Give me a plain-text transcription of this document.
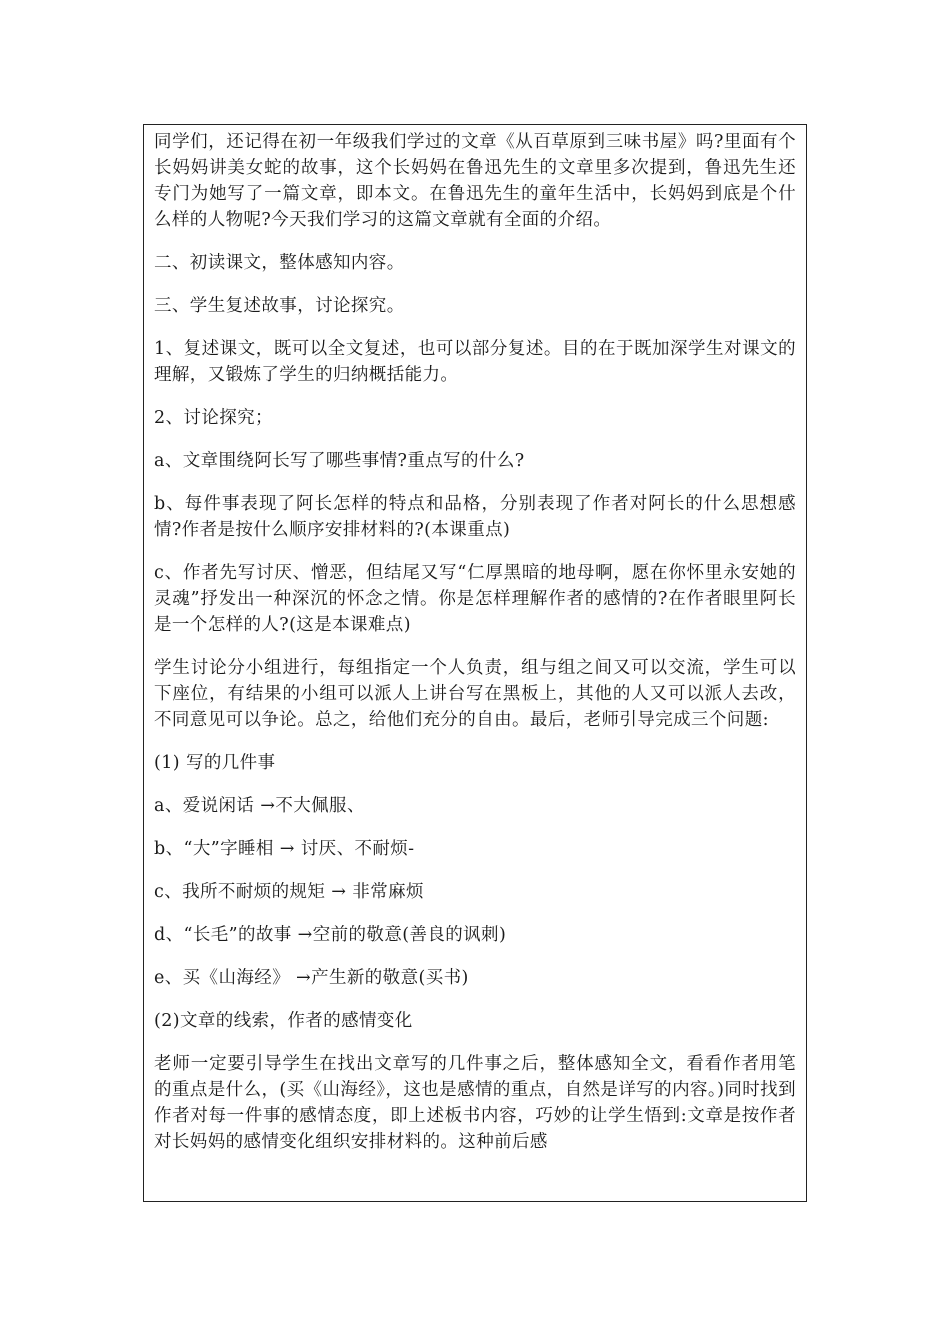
同学们，还记得在初一年级我们学过的文章《从百草原到三味书屋》吗?里面有个长妈妈讲美女蛇的故事，这个长妈妈在鲁迅先生的文章里多次提到，鲁迅先生还专门为她写了一篇文章，即本文。在鲁迅先生的童年生活中，长妈妈到底是个什么样的人物呢?今天我们学习的这篇文章就有全面的介绍。

二、初读课文，整体感知内容。

三、学生复述故事，讨论探究。

1、复述课文，既可以全文复述，也可以部分复述。目的在于既加深学生对课文的理解，又锻炼了学生的归纳概括能力。

2、讨论探究；

a、文章围绕阿长写了哪些事情?重点写的什么?

b、每件事表现了阿长怎样的特点和品格，分别表现了作者对阿长的什么思想感情?作者是按什么顺序安排材料的?(本课重点)

c、作者先写讨厌、憎恶，但结尾又写“仁厚黑暗的地母啊，愿在你怀里永安她的灵魂”抒发出一种深沉的怀念之情。你是怎样理解作者的感情的?在作者眼里阿长是一个怎样的人?(这是本课难点)

学生讨论分小组进行，每组指定一个人负责，组与组之间又可以交流，学生可以下座位，有结果的小组可以派人上讲台写在黑板上，其他的人又可以派人去改，不同意见可以争论。总之，给他们充分的自由。最后，老师引导完成三个问题:

(1) 写的几件事

a、爱说闲话 →不大佩服、

b、“大”字睡相 → 讨厌、不耐烦-

c、我所不耐烦的规矩 → 非常麻烦

d、“长毛”的故事 →空前的敬意(善良的讽刺)

e、买《山海经》 →产生新的敬意(买书)

(2)文章的线索，作者的感情变化

老师一定要引导学生在找出文章写的几件事之后，整体感知全文，看看作者用笔的重点是什么，(买《山海经》，这也是感情的重点，自然是详写的内容。)同时找到作者对每一件事的感情态度，即上述板书内容，巧妙的让学生悟到:文章是按作者对长妈妈的感情变化组织安排材料的。这种前后感
